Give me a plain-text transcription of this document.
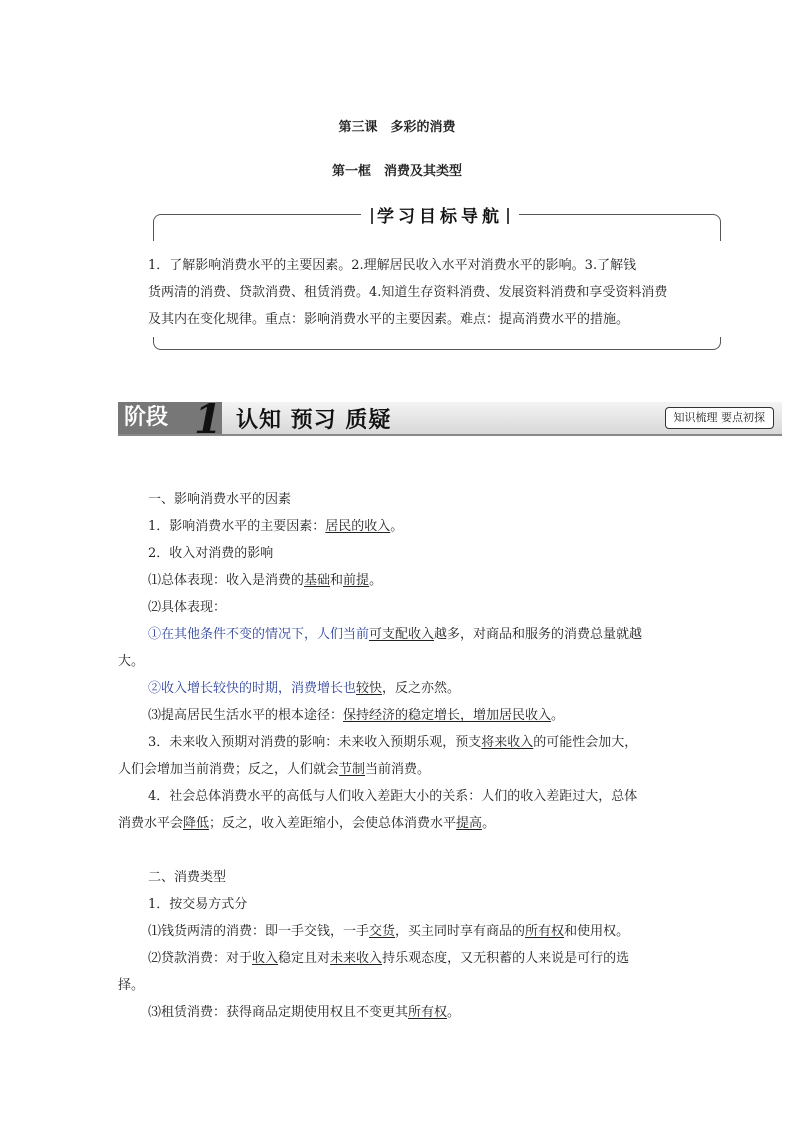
第三课　多彩的消费
第一框　消费及其类型
学习目标导航

1．了解影响消费水平的主要因素。2.理解居民收入水平对消费水平的影响。3.了解钱

货两清的消费、贷款消费、租赁消费。4.知道生存资料消费、发展资料消费和享受资料消费

及其内在变化规律。重点：影响消费水平的主要因素。难点：提高消费水平的措施。

阶段 1 认知 预习 质疑	知识梳理 要点初探

一、影响消费水平的因素

1．影响消费水平的主要因素：居民的收入。

2．收入对消费的影响

⑴总体表现：收入是消费的基础和前提。

⑵具体表现：

①在其他条件不变的情况下，人们当前可支配收入越多，对商品和服务的消费总量就越

大。

②收入增长较快的时期，消费增长也较快，反之亦然。

⑶提高居民生活水平的根本途径：保持经济的稳定增长，增加居民收入。

3．未来收入预期对消费的影响：未来收入预期乐观，预支将来收入的可能性会加大，

人们会增加当前消费；反之，人们就会节制当前消费。

4．社会总体消费水平的高低与人们收入差距大小的关系：人们的收入差距过大，总体

消费水平会降低；反之，收入差距缩小，会使总体消费水平提高。

二、消费类型

1．按交易方式分

⑴钱货两清的消费：即一手交钱，一手交货，买主同时享有商品的所有权和使用权。

⑵贷款消费：对于收入稳定且对未来收入持乐观态度，又无积蓄的人来说是可行的选

择。

⑶租赁消费：获得商品定期使用权且不变更其所有权。
